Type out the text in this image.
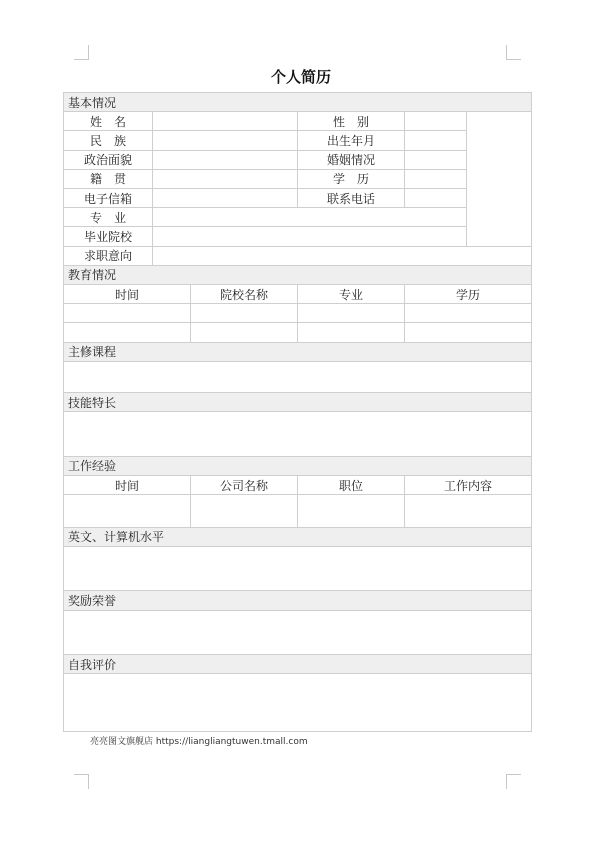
个人简历
基本情况					
姓　名			性　别		
民　族			出生年月		
政治面貌			婚姻情况		
籍　贯			学　历		
电子信箱			联系电话		
专　业					
毕业院校					
求职意向					
教育情况					
时间		院校名称	专业	学历	

主修课程					

技能特长					

工作经验					
时间		公司名称	职位	工作内容	

英文、计算机水平					

奖励荣誉					

自我评价					

亮亮图文旗舰店 https://liangliangtuwen.tmall.com
